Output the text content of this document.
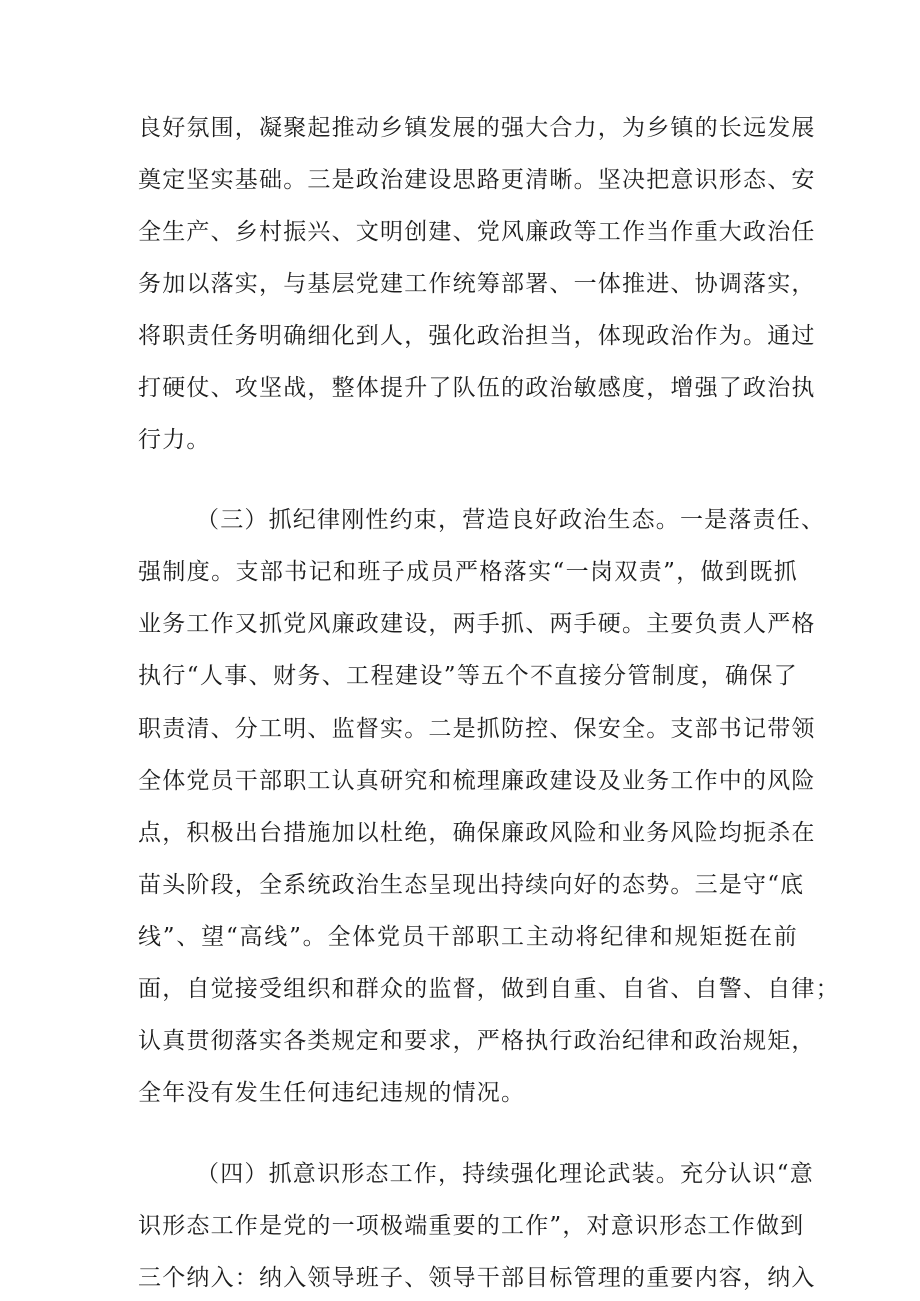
良好氛围，凝聚起推动乡镇发展的强大合力，为乡镇的长远发展
奠定坚实基础。三是政治建设思路更清晰。坚决把意识形态、安
全生产、乡村振兴、文明创建、党风廉政等工作当作重大政治任
务加以落实，与基层党建工作统筹部署、一体推进、协调落实，
将职责任务明确细化到人，强化政治担当，体现政治作为。通过
打硬仗、攻坚战，整体提升了队伍的政治敏感度，增强了政治执
行力。
（三）抓纪律刚性约束，营造良好政治生态。一是落责任、
强制度。支部书记和班子成员严格落实“一岗双责”，做到既抓
业务工作又抓党风廉政建设，两手抓、两手硬。主要负责人严格
执行“人事、财务、工程建设”等五个不直接分管制度，确保了
职责清、分工明、监督实。二是抓防控、保安全。支部书记带领
全体党员干部职工认真研究和梳理廉政建设及业务工作中的风险
点，积极出台措施加以杜绝，确保廉政风险和业务风险均扼杀在
苗头阶段，全系统政治生态呈现出持续向好的态势。三是守“底
线”、望“高线”。全体党员干部职工主动将纪律和规矩挺在前
面，自觉接受组织和群众的监督，做到自重、自省、自警、自律；
认真贯彻落实各类规定和要求，严格执行政治纪律和政治规矩，
全年没有发生任何违纪违规的情况。
（四）抓意识形态工作，持续强化理论武装。充分认识“意
识形态工作是党的一项极端重要的工作”，对意识形态工作做到
三个纳入：纳入领导班子、领导干部目标管理的重要内容，纳入
